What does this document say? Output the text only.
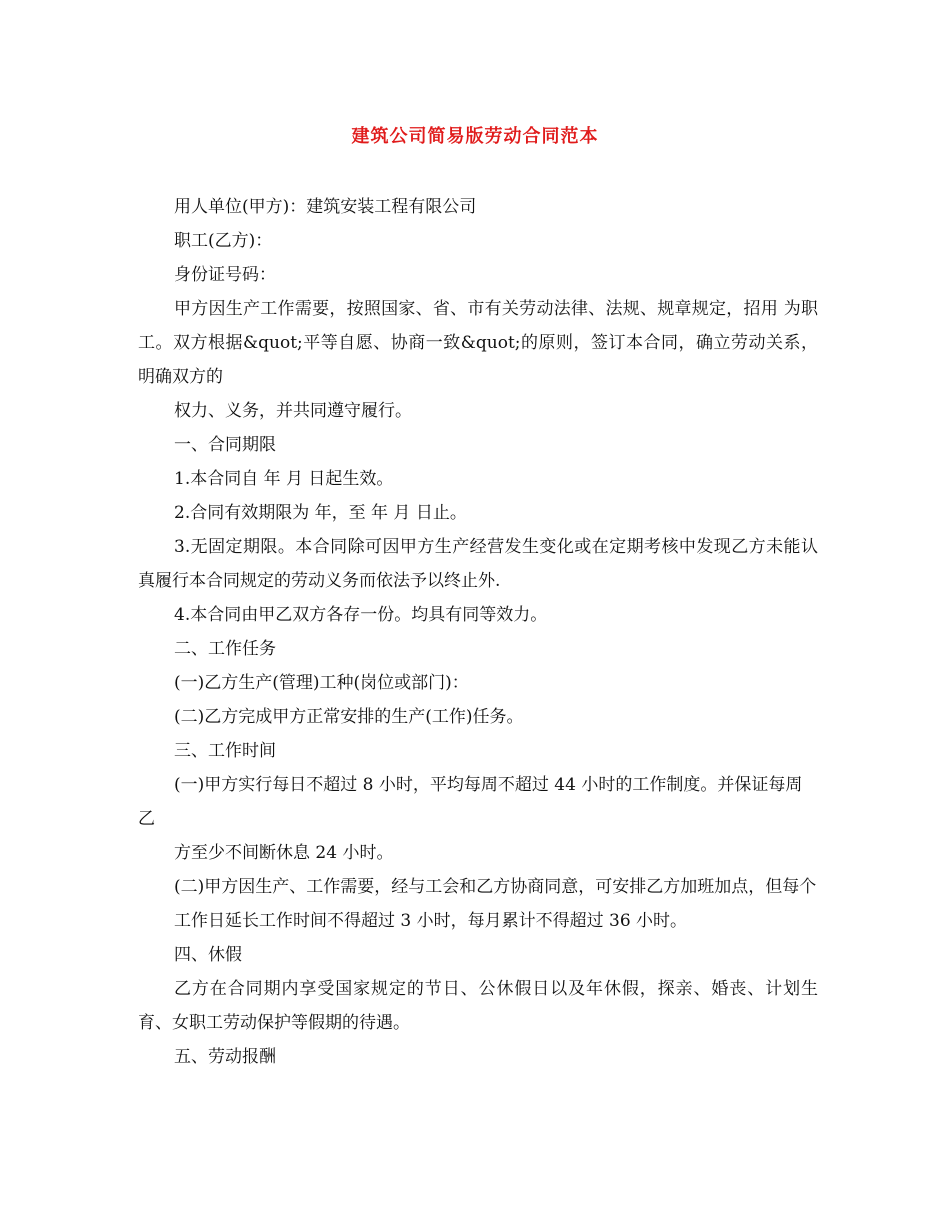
建筑公司简易版劳动合同范本

用人单位(甲方)：建筑安装工程有限公司

职工(乙方)：

身份证号码：

甲方因生产工作需要，按照国家、省、市有关劳动法律、法规、规章规定，招用 为职工。双方根据&quot;平等自愿、协商一致&quot;的原则，签订本合同，确立劳动关系，明确双方的

权力、义务，并共同遵守履行。

一、合同期限

1.本合同自 年 月 日起生效。

2.合同有效期限为 年，至 年 月 日止。

3.无固定期限。本合同除可因甲方生产经营发生变化或在定期考核中发现乙方未能认真履行本合同规定的劳动义务而依法予以终止外.

4.本合同由甲乙双方各存一份。均具有同等效力。

二、工作任务

(一)乙方生产(管理)工种(岗位或部门)：

(二)乙方完成甲方正常安排的生产(工作)任务。

三、工作时间

(一)甲方实行每日不超过 8 小时，平均每周不超过 44 小时的工作制度。并保证每周乙

方至少不间断休息 24 小时。

(二)甲方因生产、工作需要，经与工会和乙方协商同意，可安排乙方加班加点，但每个

工作日延长工作时间不得超过 3 小时，每月累计不得超过 36 小时。

四、休假

乙方在合同期内享受国家规定的节日、公休假日以及年休假，探亲、婚丧、计划生育、女职工劳动保护等假期的待遇。

五、劳动报酬
